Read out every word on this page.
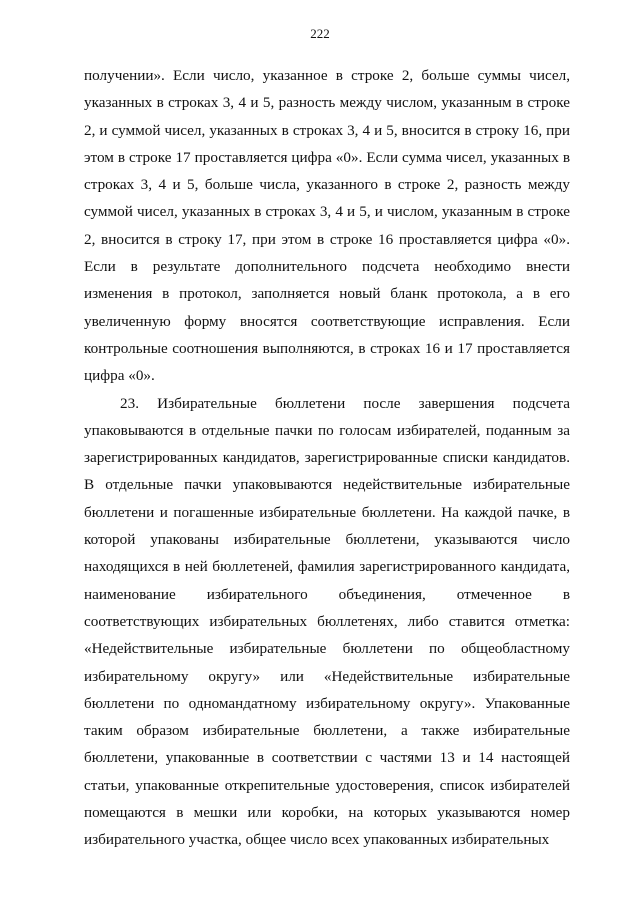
222

получении». Если число, указанное в строке 2, больше суммы чисел, указанных в строках 3, 4 и 5, разность между числом, указанным в строке 2, и суммой чисел, указанных в строках 3, 4 и 5, вносится в строку 16, при этом в строке 17 проставляется цифра «0». Если сумма чисел, указанных в строках 3, 4 и 5, больше числа, указанного в строке 2, разность между суммой чисел, указанных в строках 3, 4 и 5, и числом, указанным в строке 2, вносится в строку 17, при этом в строке 16 проставляется цифра «0». Если в результате дополнительного подсчета необходимо внести изменения в протокол, заполняется новый бланк протокола, а в его увеличенную форму вносятся соответствующие исправления. Если контрольные соотношения выполняются, в строках 16 и 17 проставляется цифра «0».

23. Избирательные бюллетени после завершения подсчета упаковываются в отдельные пачки по голосам избирателей, поданным за зарегистрированных кандидатов, зарегистрированные списки кандидатов. В отдельные пачки упаковываются недействительные избирательные бюллетени и погашенные избирательные бюллетени. На каждой пачке, в которой упакованы избирательные бюллетени, указываются число находящихся в ней бюллетеней, фамилия зарегистрированного кандидата, наименование избирательного объединения, отмеченное в соответствующих избирательных бюллетенях, либо ставится отметка: «Недействительные избирательные бюллетени по общеобластному избирательному округу» или «Недействительные избирательные бюллетени по одномандатному избирательному округу». Упакованные таким образом избирательные бюллетени, а также избирательные бюллетени, упакованные в соответствии с частями 13 и 14 настоящей статьи, упакованные открепительные удостоверения, список избирателей помещаются в мешки или коробки, на которых указываются номер избирательного участка, общее число всех упакованных избирательных
